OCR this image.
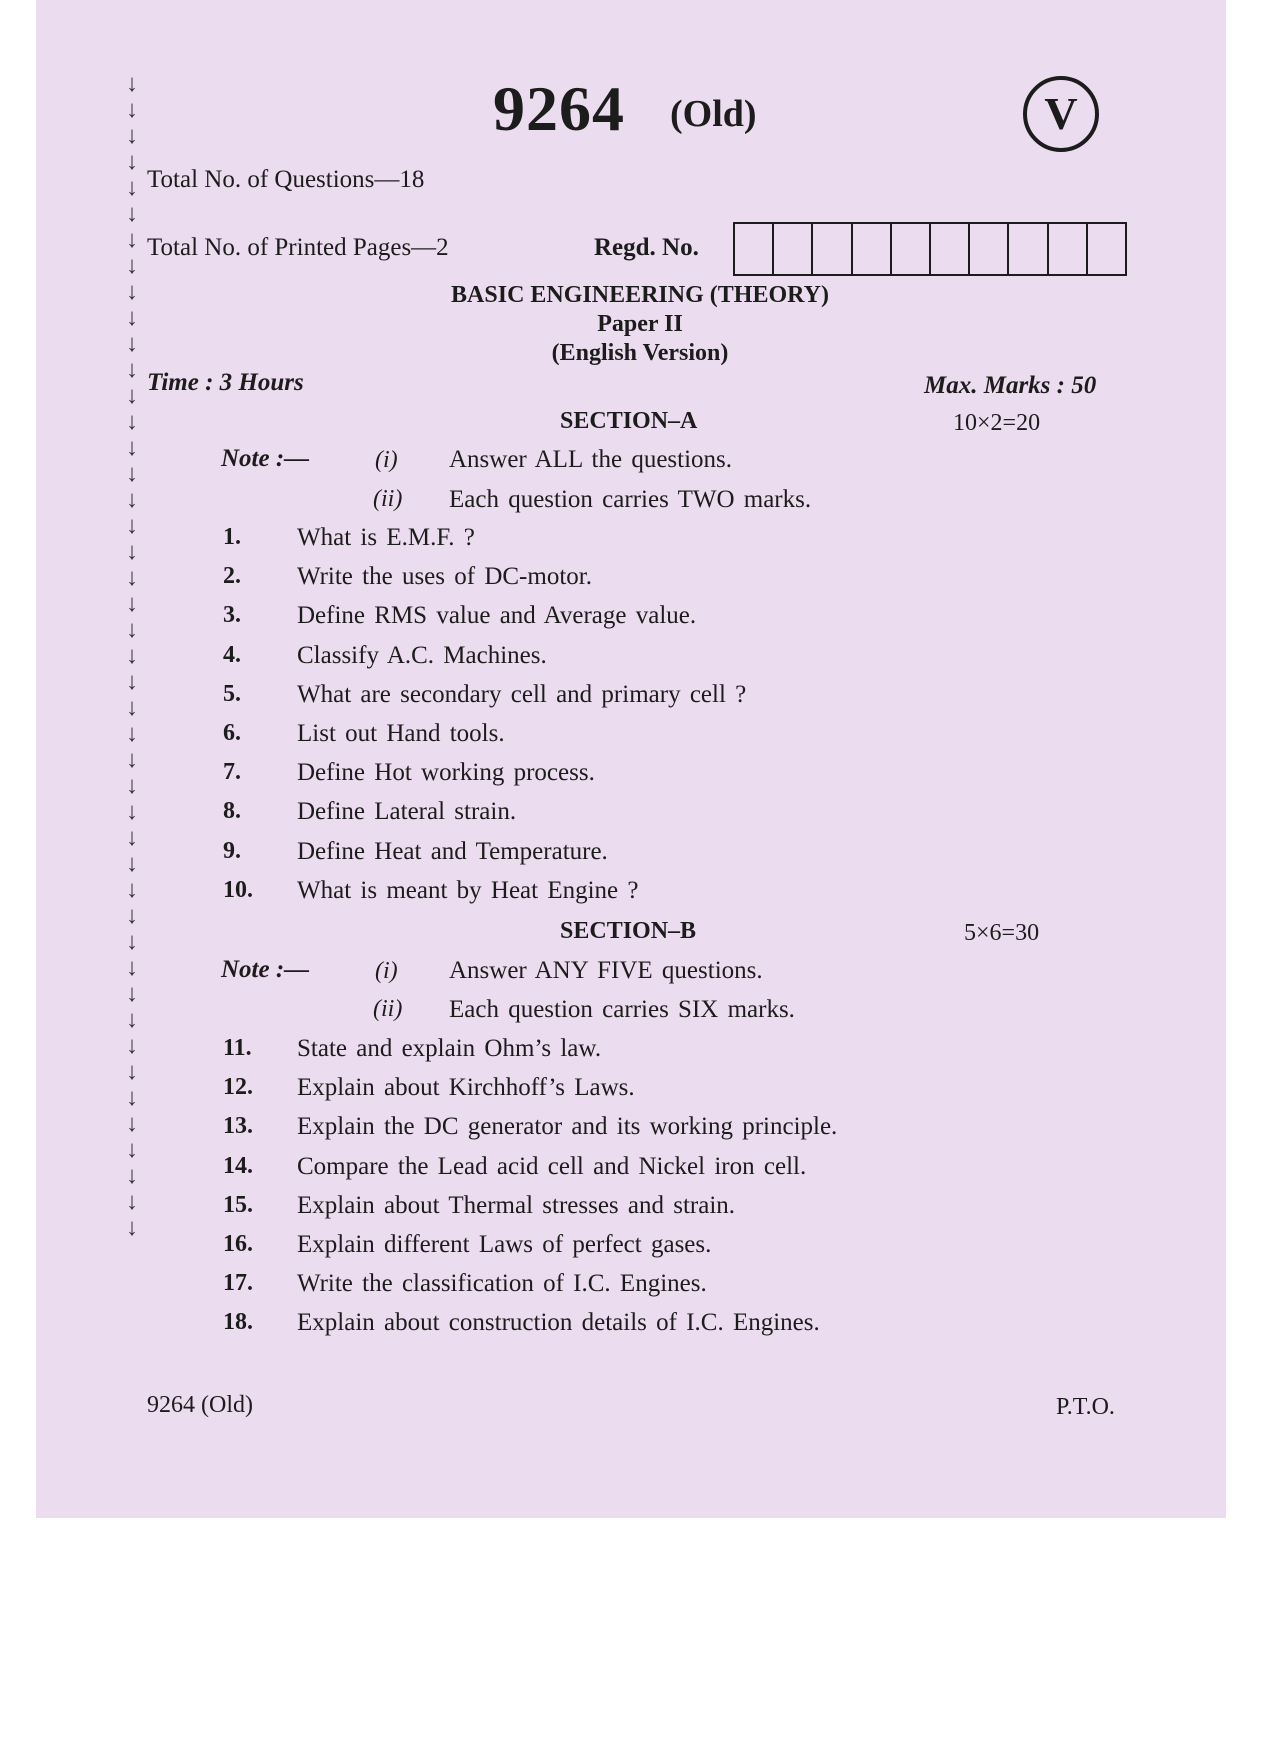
↓
↓
↓
↓
↓
↓
↓
↓
↓
↓
↓
↓
↓
↓
↓
↓
↓
↓
↓
↓
↓
↓
↓
↓
↓
↓
↓
↓
↓
↓
↓
↓
↓
↓
↓
↓
↓
↓
↓
↓
↓
↓
↓
↓
↓
9264 (Old)	V
Total No. of Questions—18
Total No. of Printed Pages—2	Regd. No.
BASIC ENGINEERING (THEORY)
Paper II
(English Version)
Time : 3 Hours	Max. Marks : 50
SECTION–A	10×2=20
Note :—	(i) Answer ALL the questions.
(ii) Each question carries TWO marks.
1. What is E.M.F. ?
2. Write the uses of DC-motor.
3. Define RMS value and Average value.
4. Classify A.C. Machines.
5. What are secondary cell and primary cell ?
6. List out Hand tools.
7. Define Hot working process.
8. Define Lateral strain.
9. Define Heat and Temperature.
10. What is meant by Heat Engine ?
SECTION–B	5×6=30
Note :—	(i) Answer ANY FIVE questions.
(ii) Each question carries SIX marks.
11. State and explain Ohm’s law.
12. Explain about Kirchhoff’s Laws.
13. Explain the DC generator and its working principle.
14. Compare the Lead acid cell and Nickel iron cell.
15. Explain about Thermal stresses and strain.
16. Explain different Laws of perfect gases.
17. Write the classification of I.C. Engines.
18. Explain about construction details of I.C. Engines.
9264 (Old)	P.T.O.
